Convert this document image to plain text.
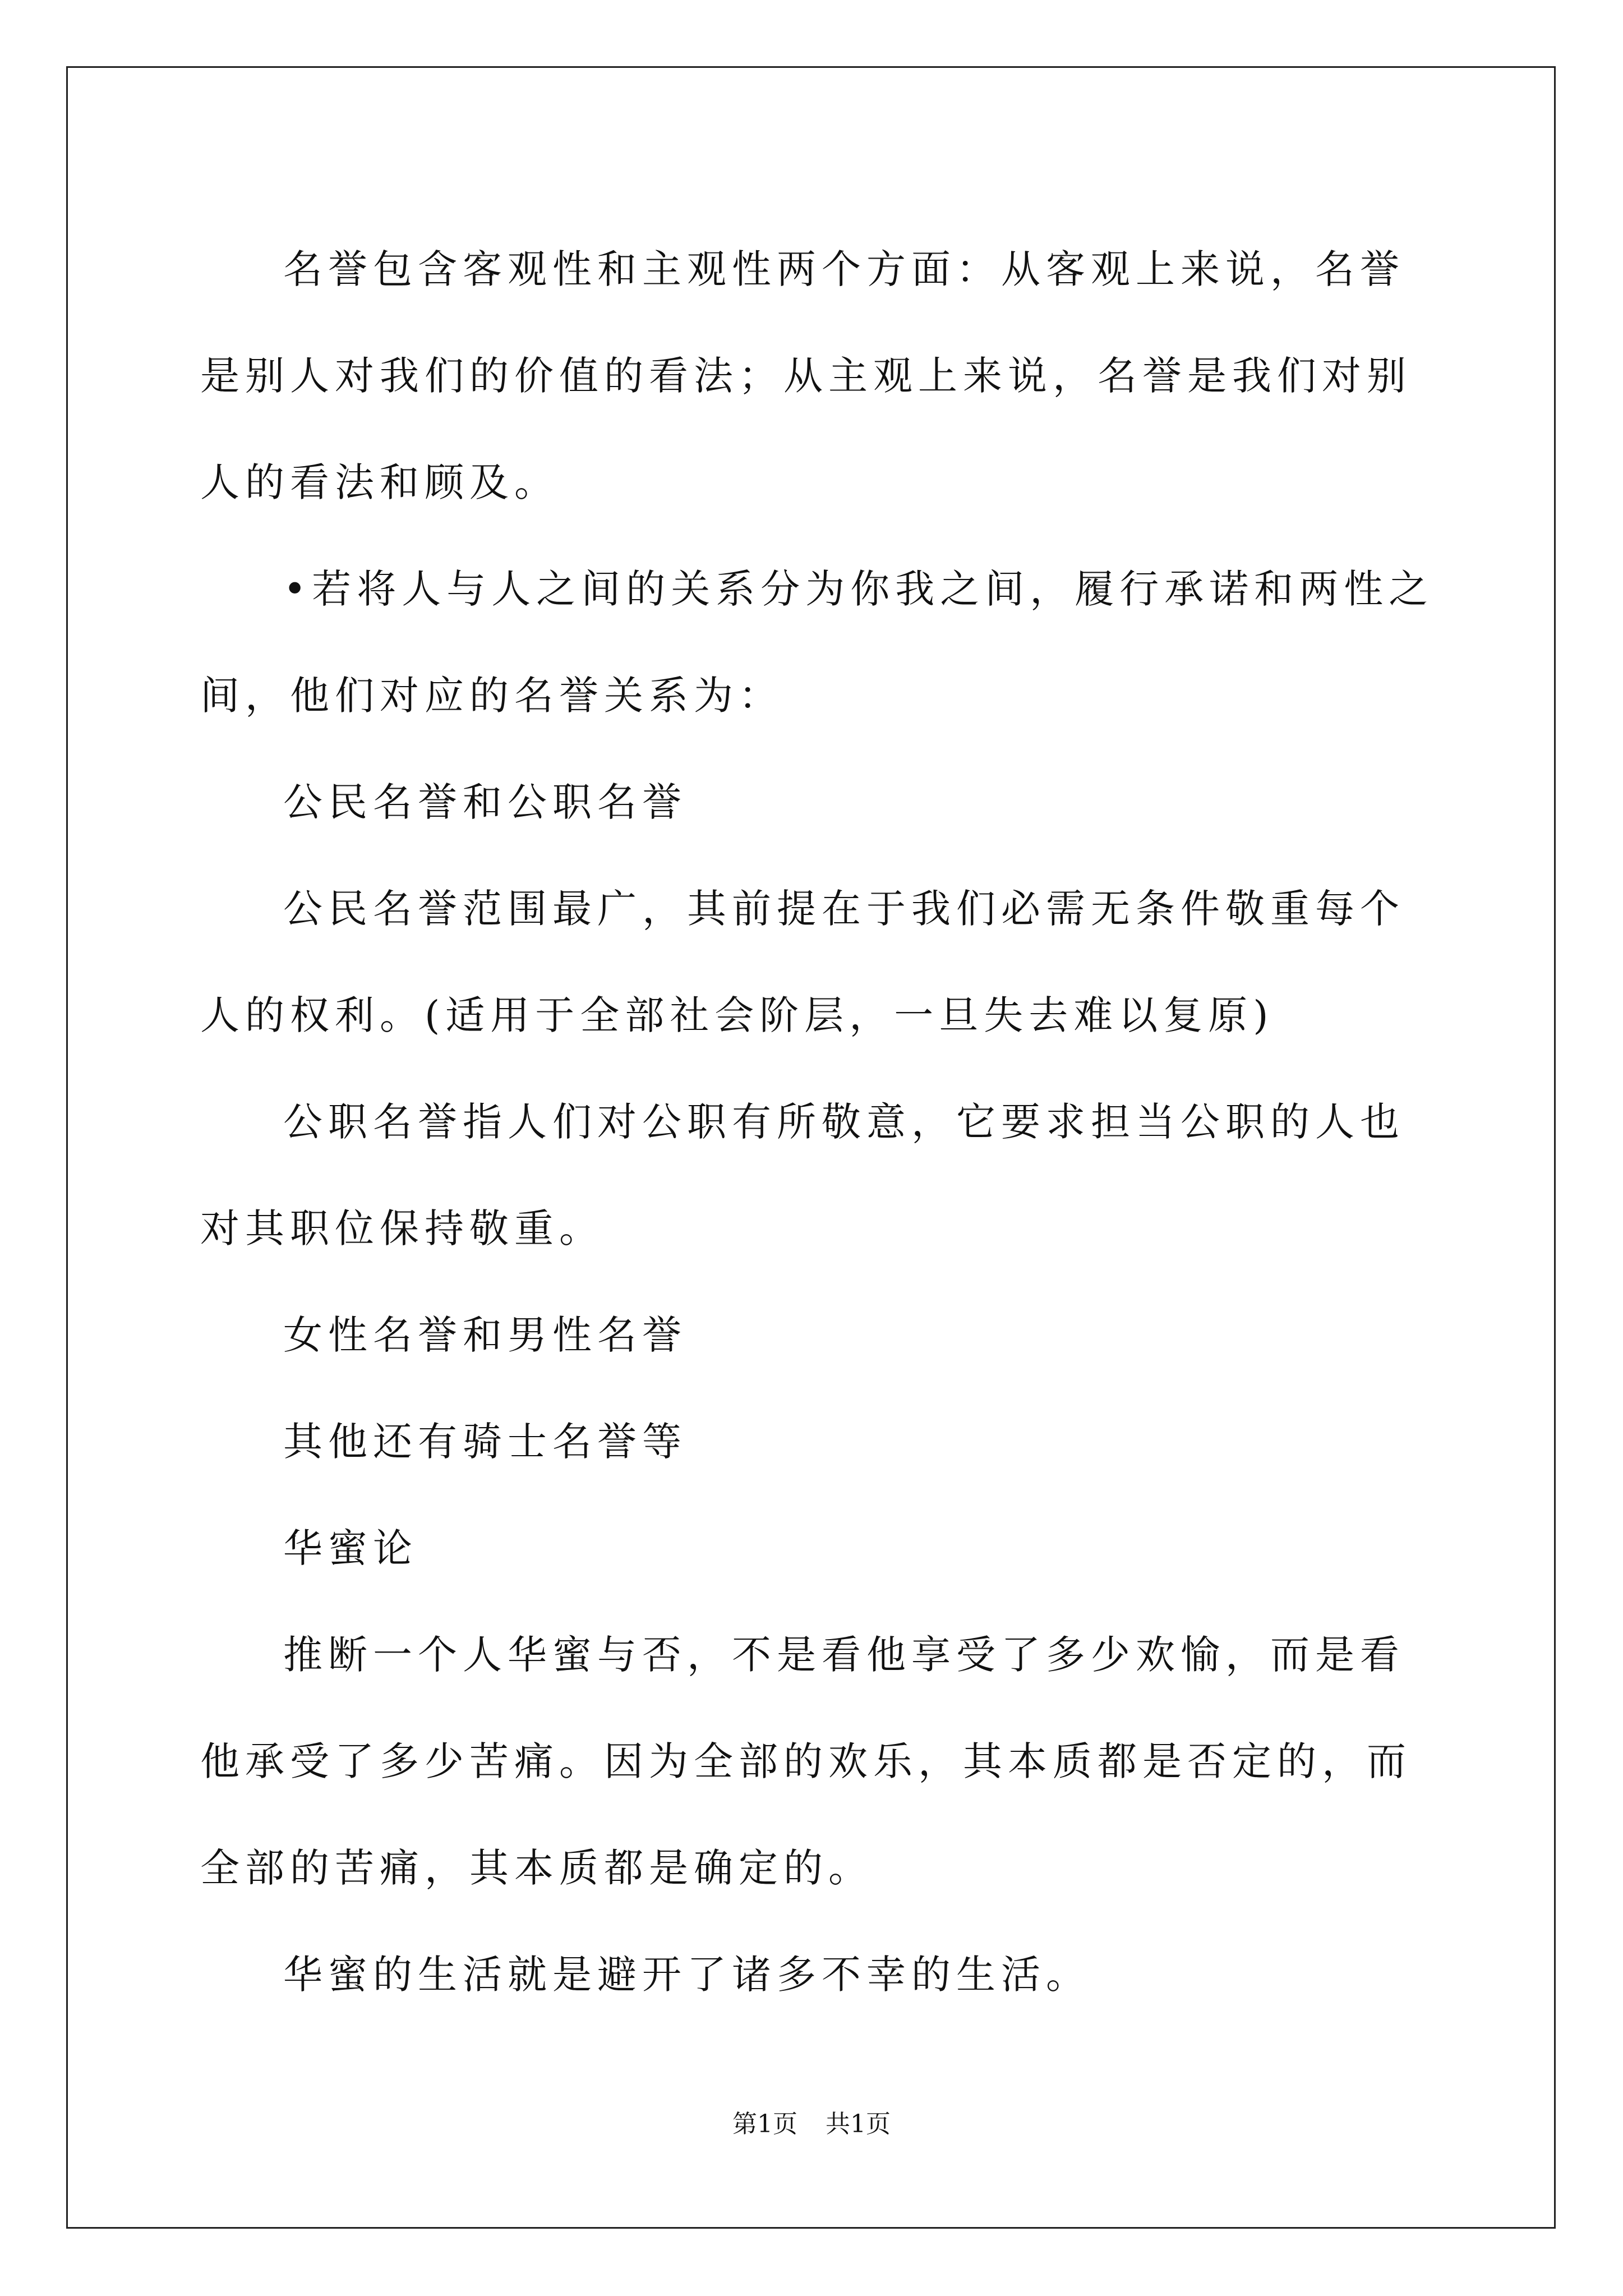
名誉包含客观性和主观性两个方面：从客观上来说，名誉是别人对我们的价值的看法；从主观上来说，名誉是我们对别人的看法和顾及。

•若将人与人之间的关系分为你我之间，履行承诺和两性之间，他们对应的名誉关系为：

公民名誉和公职名誉

公民名誉范围最广，其前提在于我们必需无条件敬重每个人的权利。(适用于全部社会阶层，一旦失去难以复原)

公职名誉指人们对公职有所敬意，它要求担当公职的人也对其职位保持敬重。

女性名誉和男性名誉

其他还有骑士名誉等

华蜜论

推断一个人华蜜与否，不是看他享受了多少欢愉，而是看他承受了多少苦痛。因为全部的欢乐，其本质都是否定的，而全部的苦痛，其本质都是确定的。

华蜜的生活就是避开了诸多不幸的生活。

第1页 共1页
